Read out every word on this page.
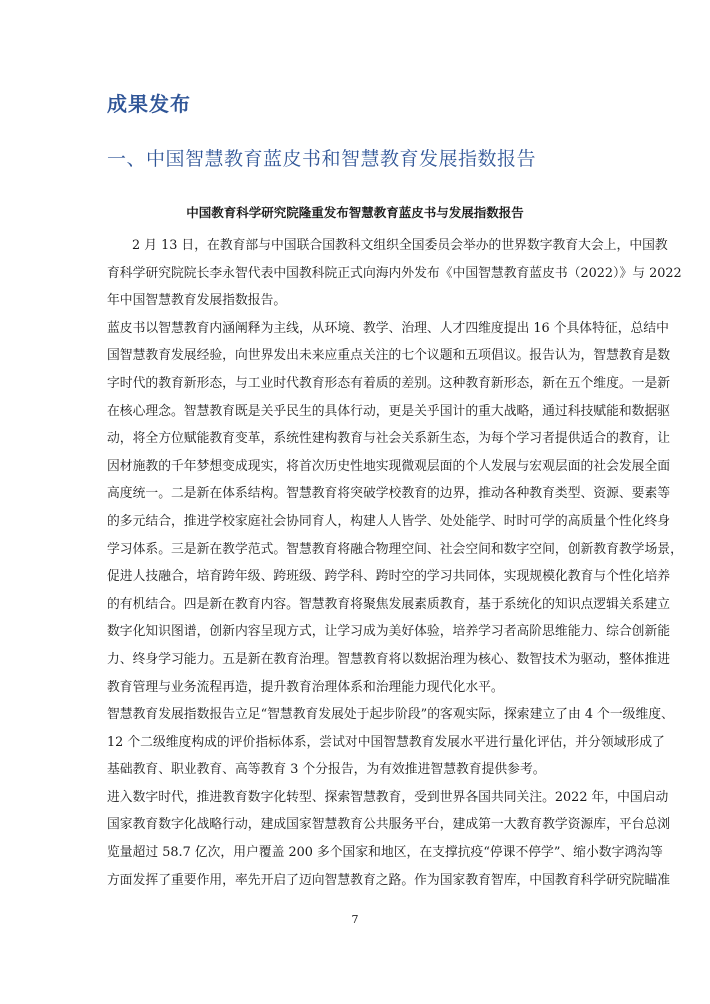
成果发布
一、中国智慧教育蓝皮书和智慧教育发展指数报告
中国教育科学研究院隆重发布智慧教育蓝皮书与发展指数报告
2 月 13 日，在教育部与中国联合国教科文组织全国委员会举办的世界数字教育大会上，中国教
育科学研究院院长李永智代表中国教科院正式向海内外发布《中国智慧教育蓝皮书（2022）》与 2022
年中国智慧教育发展指数报告。
蓝皮书以智慧教育内涵阐释为主线，从环境、教学、治理、人才四维度提出 16 个具体特征，总结中
国智慧教育发展经验，向世界发出未来应重点关注的七个议题和五项倡议。报告认为，智慧教育是数
字时代的教育新形态，与工业时代教育形态有着质的差别。这种教育新形态，新在五个维度。一是新
在核心理念。智慧教育既是关乎民生的具体行动，更是关乎国计的重大战略，通过科技赋能和数据驱
动，将全方位赋能教育变革，系统性建构教育与社会关系新生态，为每个学习者提供适合的教育，让
因材施教的千年梦想变成现实，将首次历史性地实现微观层面的个人发展与宏观层面的社会发展全面
高度统一。二是新在体系结构。智慧教育将突破学校教育的边界，推动各种教育类型、资源、要素等
的多元结合，推进学校家庭社会协同育人，构建人人皆学、处处能学、时时可学的高质量个性化终身
学习体系。三是新在教学范式。智慧教育将融合物理空间、社会空间和数字空间，创新教育教学场景，
促进人技融合，培育跨年级、跨班级、跨学科、跨时空的学习共同体，实现规模化教育与个性化培养
的有机结合。四是新在教育内容。智慧教育将聚焦发展素质教育，基于系统化的知识点逻辑关系建立
数字化知识图谱，创新内容呈现方式，让学习成为美好体验，培养学习者高阶思维能力、综合创新能
力、终身学习能力。五是新在教育治理。智慧教育将以数据治理为核心、数智技术为驱动，整体推进
教育管理与业务流程再造，提升教育治理体系和治理能力现代化水平。
智慧教育发展指数报告立足“智慧教育发展处于起步阶段”的客观实际，探索建立了由 4 个一级维度、
12 个二级维度构成的评价指标体系，尝试对中国智慧教育发展水平进行量化评估，并分领域形成了
基础教育、职业教育、高等教育 3 个分报告，为有效推进智慧教育提供参考。
进入数字时代，推进教育数字化转型、探索智慧教育，受到世界各国共同关注。2022 年，中国启动
国家教育数字化战略行动，建成国家智慧教育公共服务平台，建成第一大教育教学资源库，平台总浏
览量超过 58.7 亿次，用户覆盖 200 多个国家和地区，在支撑抗疫“停课不停学”、缩小数字鸿沟等
方面发挥了重要作用，率先开启了迈向智慧教育之路。作为国家教育智库，中国教育科学研究院瞄准
7
